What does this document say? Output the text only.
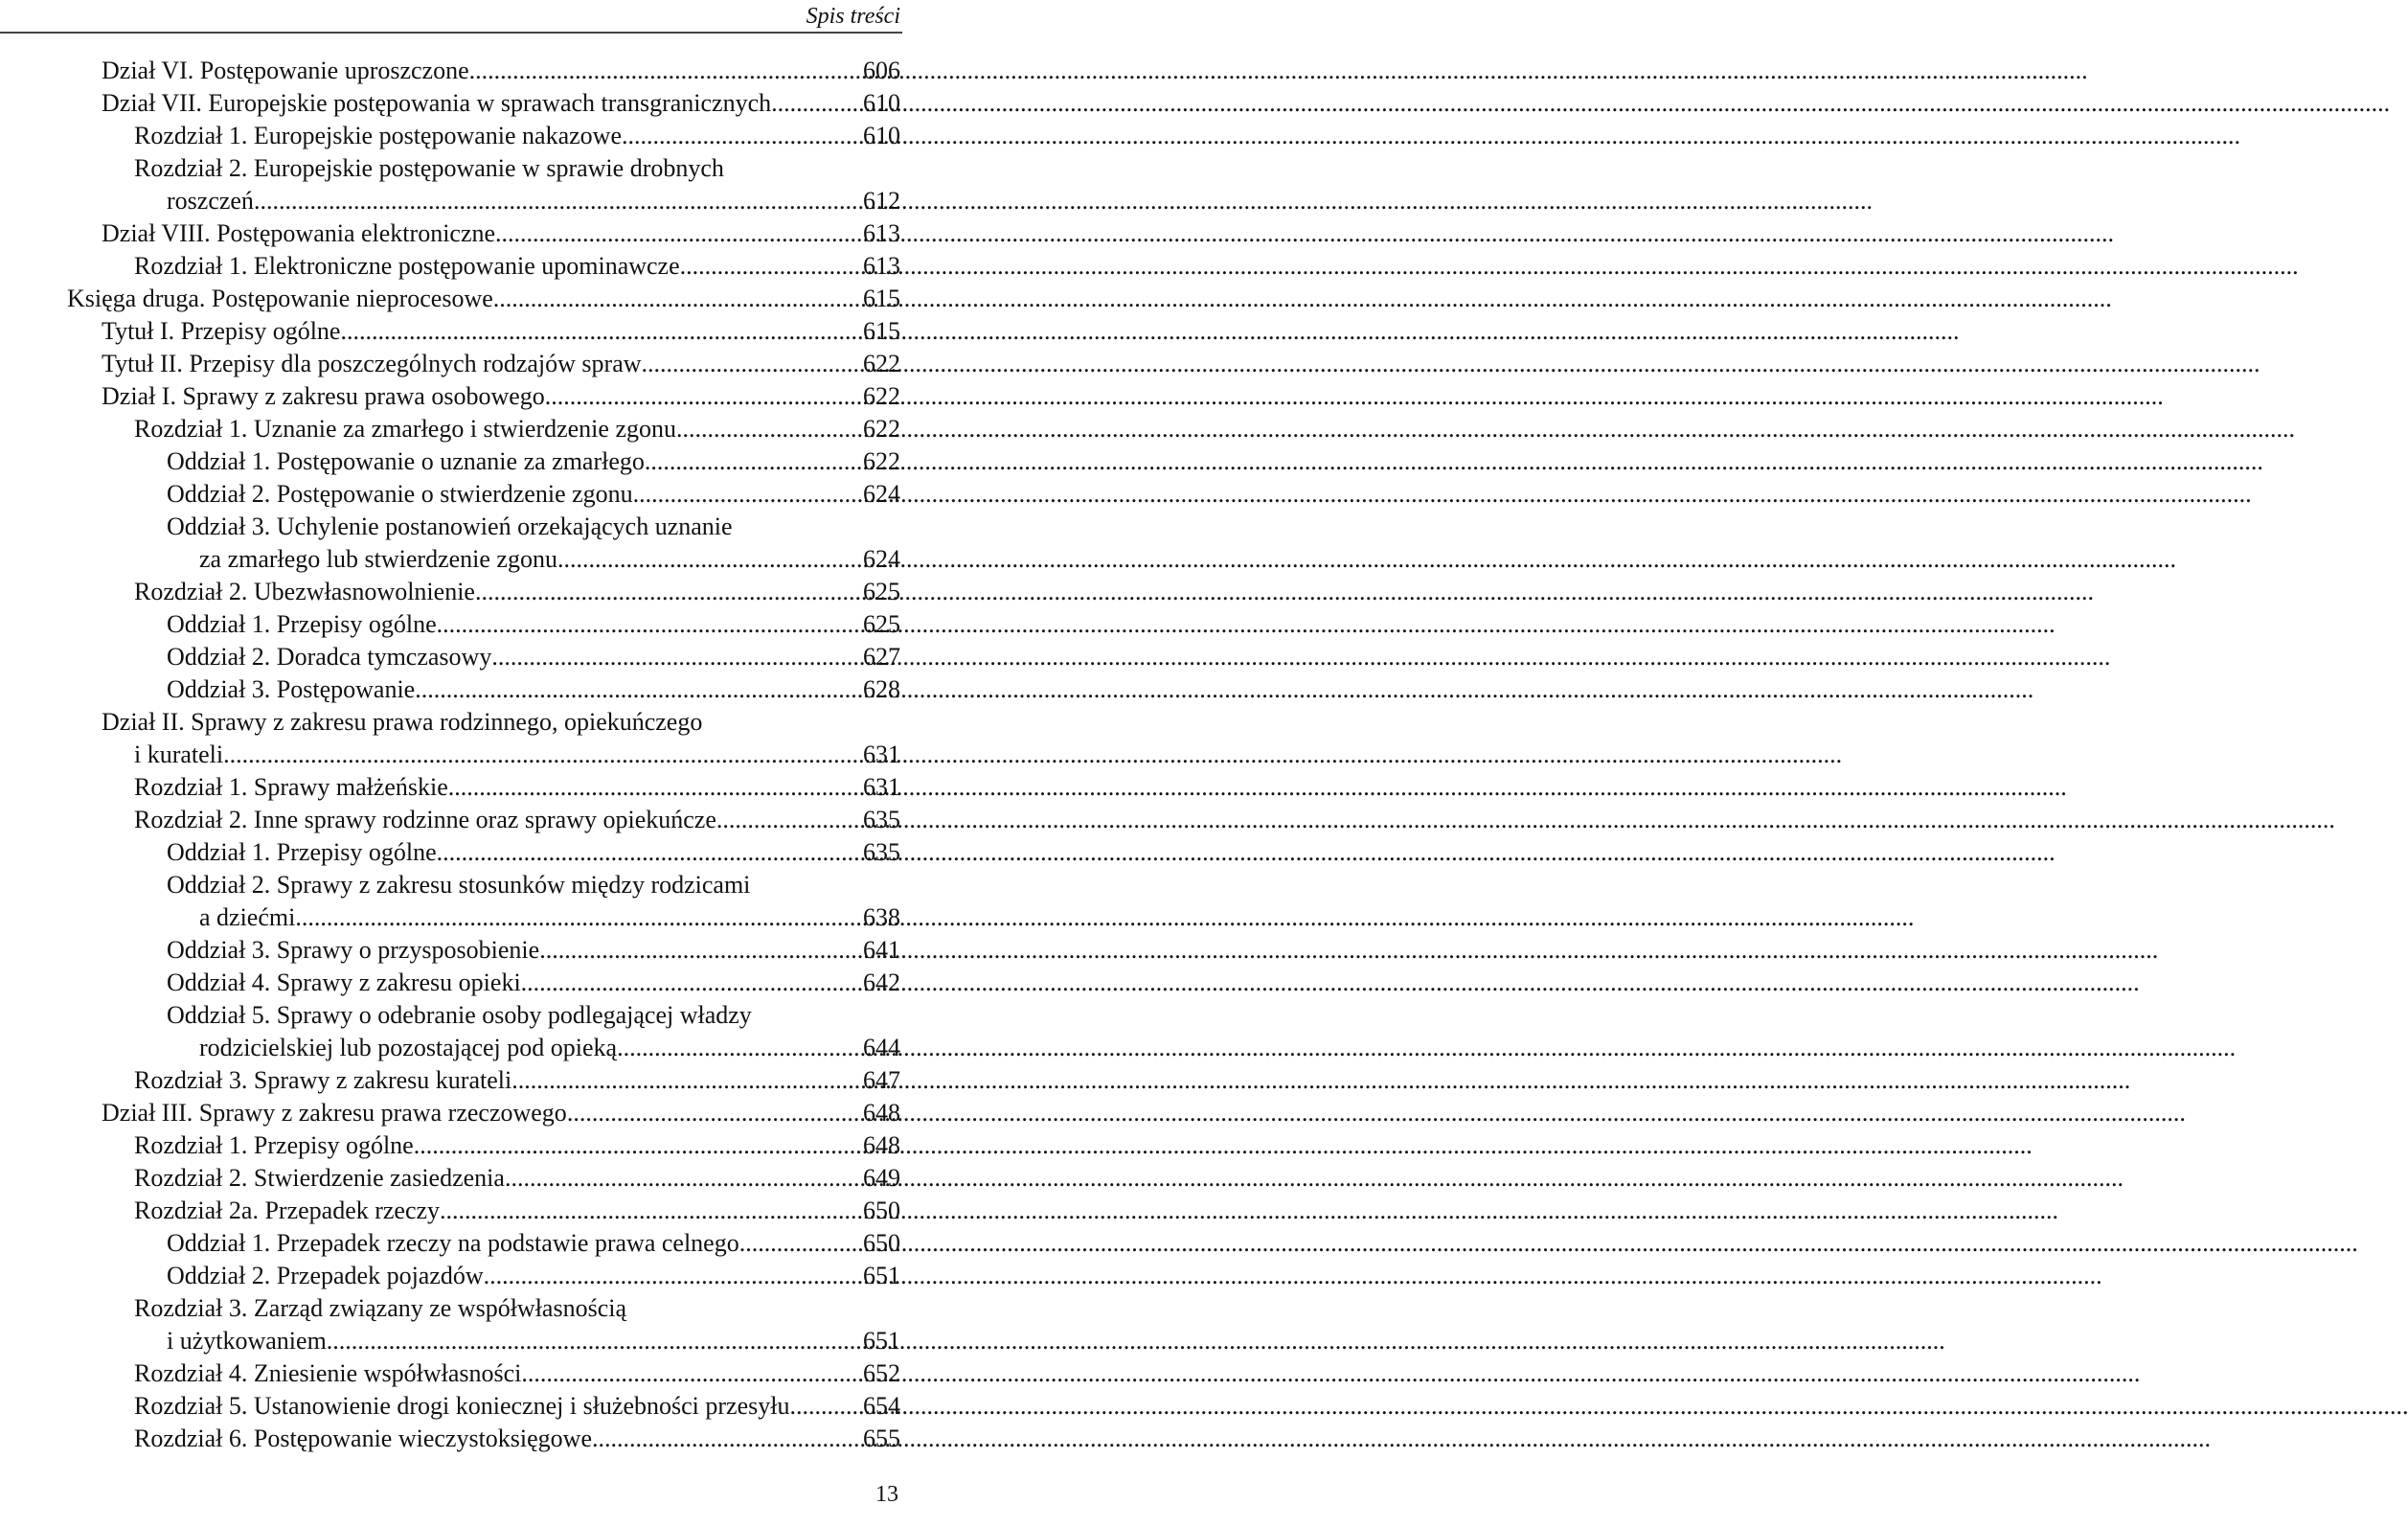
Spis treści
Dział VI. Postępowanie uproszczone .....	606
Dział VII. Europejskie postępowania w sprawach transgranicznych .....	610
Rozdział 1. Europejskie postępowanie nakazowe .....	610
Rozdział 2. Europejskie postępowanie w sprawie drobnych
roszczeń .....	612
Dział VIII. Postępowania elektroniczne .....	613
Rozdział 1. Elektroniczne postępowanie upominawcze .....	613
Księga druga. Postępowanie nieprocesowe .....	615
Tytuł I. Przepisy ogólne .....	615
Tytuł II. Przepisy dla poszczególnych rodzajów spraw .....	622
Dział I. Sprawy z zakresu prawa osobowego .....	622
Rozdział 1. Uznanie za zmarłego i stwierdzenie zgonu .....	622
Oddział 1. Postępowanie o uznanie za zmarłego .....	622
Oddział 2. Postępowanie o stwierdzenie zgonu .....	624
Oddział 3. Uchylenie postanowień orzekających uznanie
za zmarłego lub stwierdzenie zgonu .....	624
Rozdział 2. Ubezwłasnowolnienie .....	625
Oddział 1. Przepisy ogólne .....	625
Oddział 2. Doradca tymczasowy .....	627
Oddział 3. Postępowanie .....	628
Dział II. Sprawy z zakresu prawa rodzinnego, opiekuńczego
i kurateli .....	631
Rozdział 1. Sprawy małżeńskie .....	631
Rozdział 2. Inne sprawy rodzinne oraz sprawy opiekuńcze .....	635
Oddział 1. Przepisy ogólne .....	635
Oddział 2. Sprawy z zakresu stosunków między rodzicami
a dziećmi .....	638
Oddział 3. Sprawy o przysposobienie .....	641
Oddział 4. Sprawy z zakresu opieki .....	642
Oddział 5. Sprawy o odebranie osoby podlegającej władzy
rodzicielskiej lub pozostającej pod opieką .....	644
Rozdział 3. Sprawy z zakresu kurateli .....	647
Dział III. Sprawy z zakresu prawa rzeczowego .....	648
Rozdział 1. Przepisy ogólne .....	648
Rozdział 2. Stwierdzenie zasiedzenia .....	649
Rozdział 2a. Przepadek rzeczy .....	650
Oddział 1. Przepadek rzeczy na podstawie prawa celnego .....	650
Oddział 2. Przepadek pojazdów .....	651
Rozdział 3. Zarząd związany ze współwłasnością
i użytkowaniem .....	651
Rozdział 4. Zniesienie współwłasności .....	652
Rozdział 5. Ustanowienie drogi koniecznej i służebności przesyłu .....	654
Rozdział 6. Postępowanie wieczystoksięgowe .....	655
13
